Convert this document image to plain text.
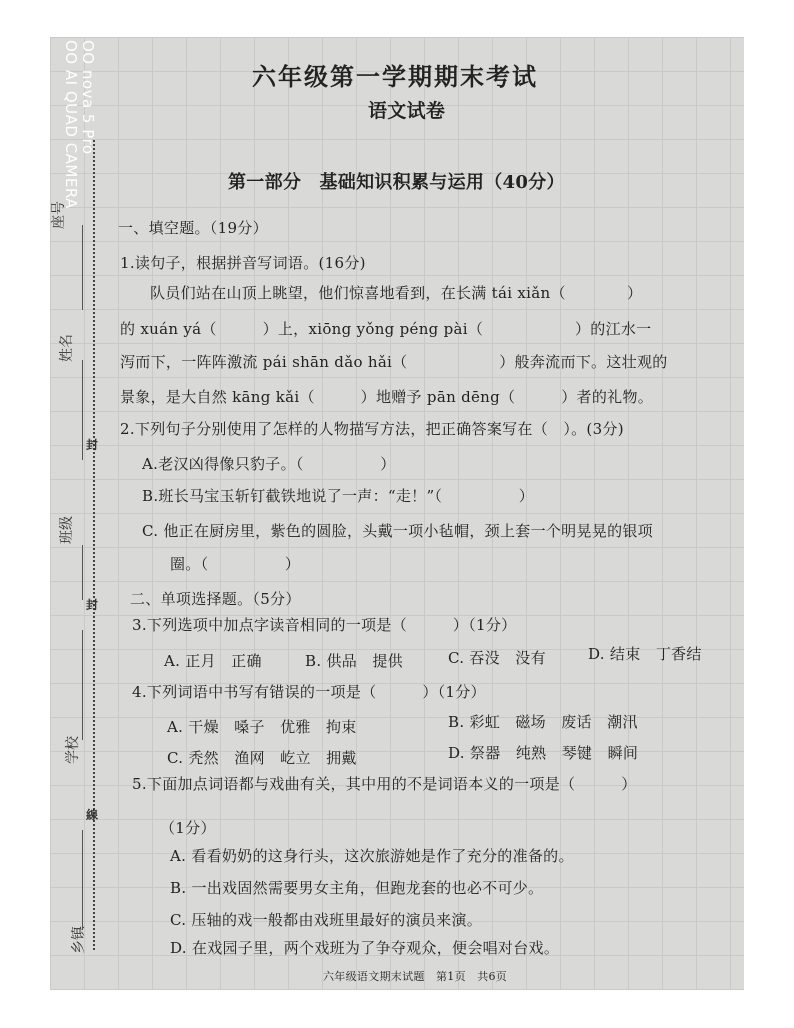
OO nova 5 Pro
OO AI QUAD CAMERA
座号
姓名
封
班级
封
学校
線
乡镇
六年级第一学期期末考试
语文试卷
第一部分　基础知识积累与运用（40分）
一、填空题。（19分）
1.读句子，根据拼音写词语。(16分)
队员们站在山顶上眺望，他们惊喜地看到，在长满 tái xiǎn（　　　　）
的 xuán yá（　　　）上，xiōng yǒng péng pài（　　　　　　）的江水一
泻而下，一阵阵激流 pái shān dǎo hǎi（　　　　　　）般奔流而下。这壮观的
景象，是大自然 kāng kǎi（　　　）地赠予 pān dēng（　　　）者的礼物。
2.下列句子分别使用了怎样的人物描写方法，把正确答案写在（　）。(3分)
A.老汉凶得像只豹子。（　　　　　）
B.班长马宝玉斩钉截铁地说了一声：“走！”（　　　　　）
C. 他正在厨房里，紫色的圆脸，头戴一项小毡帽，颈上套一个明晃晃的银项
圈。（　　　　　）
二、单项选择题。（5分）
3.下列选项中加点字读音相同的一项是（　　　）（1分）
A. 正月　正确	B. 供品　提供	C. 吞没　没有	D. 结束　丁香结
4.下列词语中书写有错误的一项是（　　　）（1分）
A. 干燥　嗓子　优雅　拘束	B. 彩虹　磁场　废话　潮汛
C. 秃然　渔网　屹立　拥戴	D. 祭器　纯熟　琴键　瞬间
5.下面加点词语都与戏曲有关，其中用的不是词语本义的一项是（　　　）
（1分）
A. 看看奶奶的这身行头，这次旅游她是作了充分的准备的。
B. 一出戏固然需要男女主角，但跑龙套的也必不可少。
C. 压轴的戏一般都由戏班里最好的演员来演。
D. 在戏园子里，两个戏班为了争夺观众，便会唱对台戏。
六年级语文期末试题　第1页　共6页
